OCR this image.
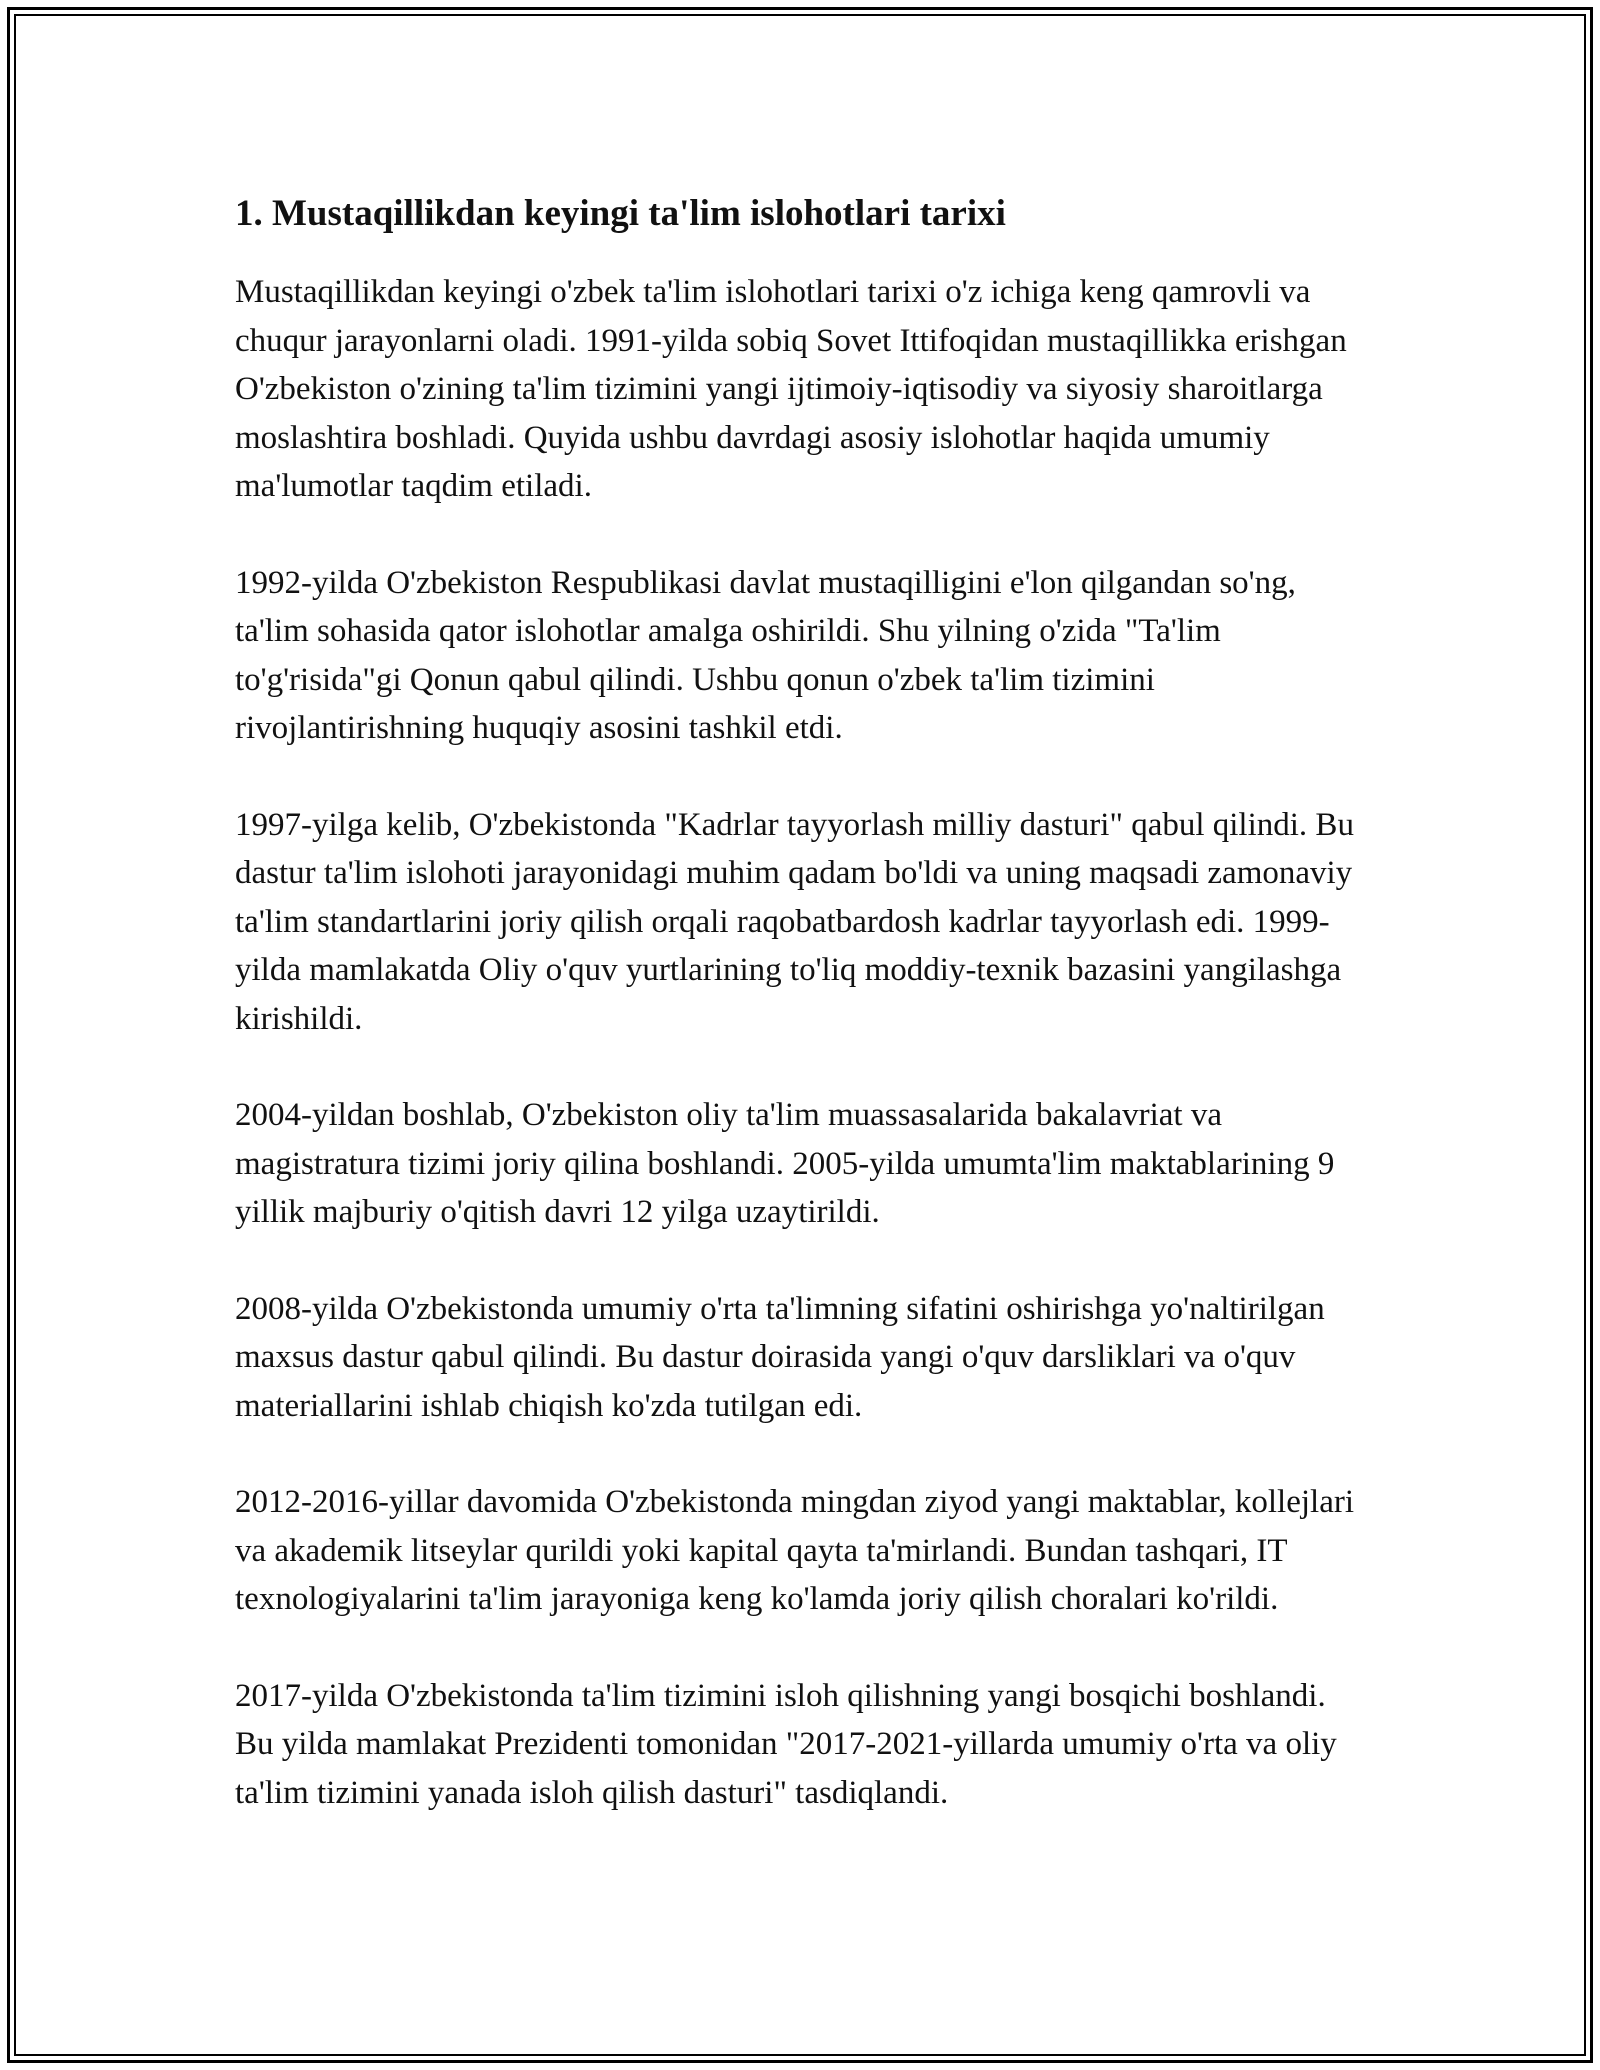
1. Mustaqillikdan keyingi ta'lim islohotlari tarixi

Mustaqillikdan keyingi o'zbek ta'lim islohotlari tarixi o'z ichiga keng qamrovli va chuqur jarayonlarni oladi. 1991-yilda sobiq Sovet Ittifoqidan mustaqillikka erishgan O'zbekiston o'zining ta'lim tizimini yangi ijtimoiy-iqtisodiy va siyosiy sharoitlarga moslashtira boshladi. Quyida ushbu davrdagi asosiy islohotlar haqida umumiy ma'lumotlar taqdim etiladi.

1992-yilda O'zbekiston Respublikasi davlat mustaqilligini e'lon qilgandan so'ng, ta'lim sohasida qator islohotlar amalga oshirildi. Shu yilning o'zida "Ta'lim to'g'risida"gi Qonun qabul qilindi. Ushbu qonun o'zbek ta'lim tizimini rivojlantirishning huquqiy asosini tashkil etdi.

1997-yilga kelib, O'zbekistonda "Kadrlar tayyorlash milliy dasturi" qabul qilindi. Bu dastur ta'lim islohoti jarayonidagi muhim qadam bo'ldi va uning maqsadi zamonaviy ta'lim standartlarini joriy qilish orqali raqobatbardosh kadrlar tayyorlash edi. 1999-yilda mamlakatda Oliy o'quv yurtlarining to'liq moddiy-texnik bazasini yangilashga kirishildi.

2004-yildan boshlab, O'zbekiston oliy ta'lim muassasalarida bakalavriat va magistratura tizimi joriy qilina boshlandi. 2005-yilda umumta'lim maktablarining 9 yillik majburiy o'qitish davri 12 yilga uzaytirildi.

2008-yilda O'zbekistonda umumiy o'rta ta'limning sifatini oshirishga yo'naltirilgan maxsus dastur qabul qilindi. Bu dastur doirasida yangi o'quv darsliklari va o'quv materiallarini ishlab chiqish ko'zda tutilgan edi.

2012-2016-yillar davomida O'zbekistonda mingdan ziyod yangi maktablar, kollejlari va akademik litseylar qurildi yoki kapital qayta ta'mirlandi. Bundan tashqari, IT texnologiyalarini ta'lim jarayoniga keng ko'lamda joriy qilish choralari ko'rildi.

2017-yilda O'zbekistonda ta'lim tizimini isloh qilishning yangi bosqichi boshlandi. Bu yilda mamlakat Prezidenti tomonidan "2017-2021-yillarda umumiy o'rta va oliy ta'lim tizimini yanada isloh qilish dasturi" tasdiqlandi.
